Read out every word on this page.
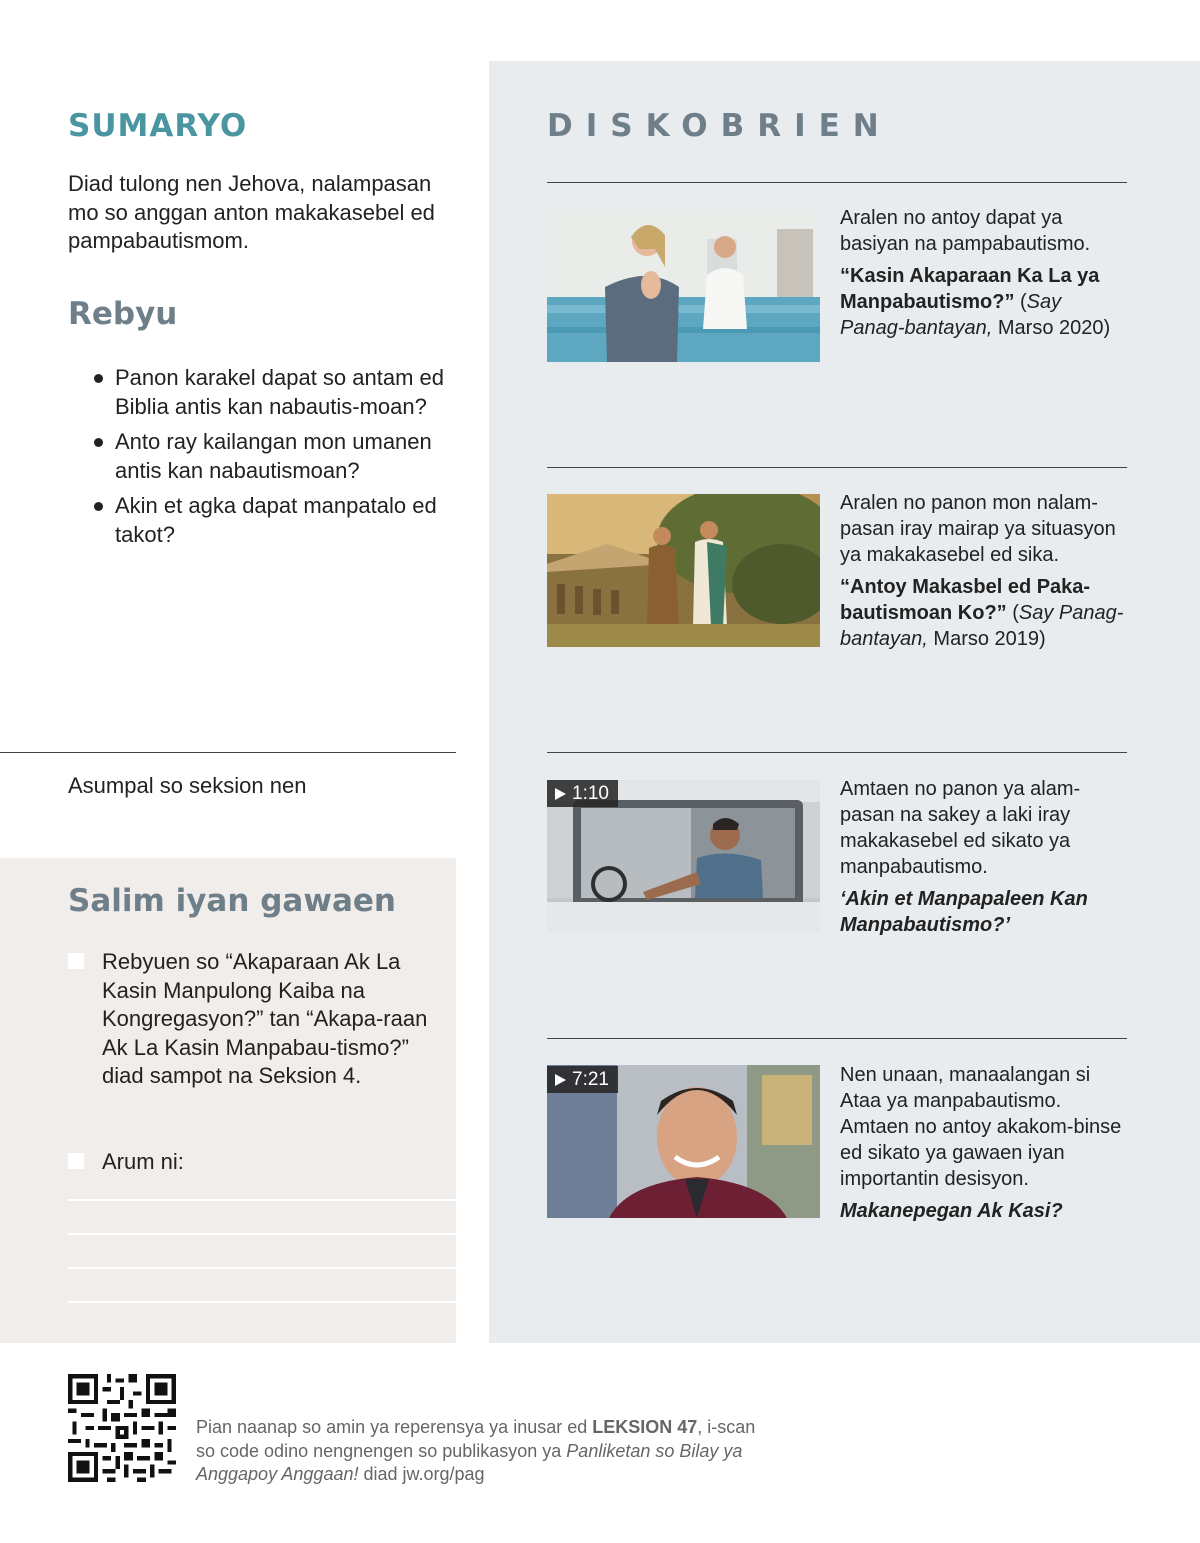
SUMARYO

Diad tulong nen Jehova, nalampasan mo so anggan anton makakasebel ed pampabautismom.

Rebyu
Panon karakel dapat so antam ed Biblia antis kan nabautis-moan?
Anto ray kailangan mon umanen antis kan nabautismoan?
Akin et agka dapat manpatalo ed takot?
Asumpal so seksion nen
Salim iyan gawaen
Rebyuen so “Akaparaan Ak La Kasin Manpulong Kaiba na Kongregasyon?” tan “Akapa-raan Ak La Kasin Manpabau-tismo?” diad sampot na Seksion 4.
Arum ni:
DISKOBRIEN
Aralen no antoy dapat ya basiyan na pampabautismo.
“Kasin Akaparaan Ka La ya Manpabautismo?” (Say Panag-bantayan, Marso 2020)
Aralen no panon mon nalam-pasan iray mairap ya situasyon ya makakasebel ed sika.
“Antoy Makasbel ed Paka-bautismoan Ko?” (Say Panag-bantayan, Marso 2019)
1:10	Amtaen no panon ya alam-pasan na sakey a laki iray makakasebel ed sikato ya manpabautismo.
‘Akin et Manpapaleen Kan Manpabautismo?’
7:21	Nen unaan, manaalangan si Ataa ya manpabautismo. Amtaen no antoy akakom-binse ed sikato ya gawaen iyan importantin desisyon.
Makanepegan Ak Kasi?
Pian naanap so amin ya reperensya ya inusar ed LEKSION 47, i-scan so code odino nengnengen so publikasyon ya Panliketan so Bilay ya Anggapoy Anggaan! diad jw.org/pag
